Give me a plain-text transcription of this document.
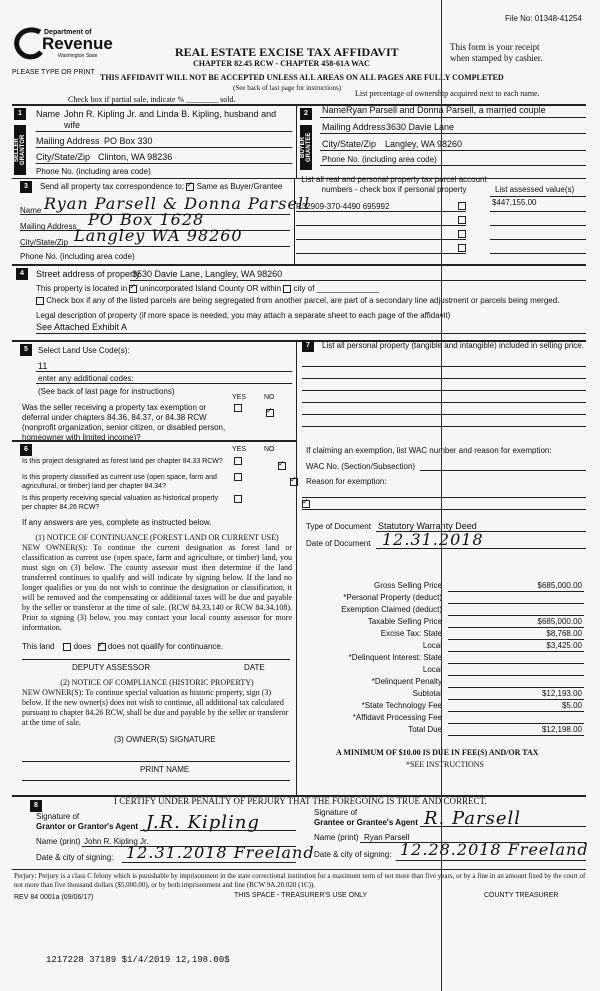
File No: 01348-41254
Department of
Revenue
Washington State
PLEASE TYPE OR PRINT
REAL ESTATE EXCISE TAX AFFIDAVIT
CHAPTER 82.45 RCW - CHAPTER 458-61A WAC
This form is your receipt when stamped by cashier.
THIS AFFIDAVIT WILL NOT BE ACCEPTED UNLESS ALL AREAS ON ALL PAGES ARE FULLY COMPLETED
(See back of last page for instructions)
Check box if partial sale, indicate % ________ sold.
List percentage of ownership acquired next to each name.
1
SELLER GRANTOR
Name John R. Kipling Jr. and Linda B. Kipling, husband and
wife
Mailing Address PO Box 330
City/State/Zip Clinton, WA 98236
Phone No. (including area code)
2
BUYER GRANTEE
Name Ryan Parsell and Donna Parsell, a married couple
Mailing Address 3630 Davie Lane
City/State/Zip Langley, WA 98260
Phone No. (including area code)
3	Send all property tax correspondence to: ✓ Same as Buyer/Grantee
List all real and personal property tax parcel account numbers - check box if personal property	List assessed value(s)
Name Ryan Parsell & Donna Parsell
Mailing Address PO Box 1628
City/State/Zip Langley WA 98260
Phone No. (including area code)
R32909-370-4490 695992	$447,155.00
4	Street address of property
3530 Davie Lane, Langley, WA 98260
This property is located in ✓ unincorporated Island County OR within city of ______________
Check box if any of the listed parcels are being segregated from another parcel, are part of a secondary line adjustment or parcels being merged.
Legal description of property (if more space is needed, you may attach a separate sheet to each page of the affidavit)
See Attached Exhibit A
5	Select Land Use Code(s):
11
enter any additional codes:
(See back of last page for instructions)
YES	NO
Was the seller receiving a property tax exemption or deferral under chapters 84.36, 84.37, or 84.38 RCW (nonprofit organization, senior citizen, or disabled person, homeowner with limited income)?
✓
7	List all personal property (tangible and intangible) included in selling price.
6	YES	NO
Is this project designated as forest land per chapter 84.33 RCW?
✓
Is this property classified as current use (open space, farm and agricultural, or timber) land per chapter 84.34?
✓
Is this property receiving special valuation as historical property per chapter 84.26 RCW?
✓
If any answers are yes, complete as instructed below.
(1) NOTICE OF CONTINUANCE (FOREST LAND OR CURRENT USE)
NEW OWNER(S): To continue the current designation as forest land or classification as current use (open space, farm and agriculture, or timber) land, you must sign on (3) below. The county assessor must then determine if the land transferred continues to qualify and will indicate by signing below. If the land no longer qualifies or you do not wish to continue the designation or classification, it will be removed and the compensating or additional taxes will be due and payable by the seller or transferor at the time of sale. (RCW 84.33.140 or RCW 84.34.108). Prior to signing (3) below, you may contact your local county assessor for more information.
This land does ✓ does not qualify for continuance.
DEPUTY ASSESSOR	DATE
(2) NOTICE OF COMPLIANCE (HISTORIC PROPERTY)
NEW OWNER(S): To continue special valuation as historic property, sign (3) below. If the new owner(s) does not wish to continue, all additional tax calculated pursuant to chapter 84.26 RCW, shall be due and payable by the seller or transferor at the time of sale.
(3) OWNER(S) SIGNATURE
PRINT NAME
If claiming an exemption, list WAC number and reason for exemption:
WAC No. (Section/Subsection)
Reason for exemption:
Type of Document Statutory Warranty Deed
Date of Document 12.31.2018
Gross Selling Price	$685,000.00
*Personal Property (deduct)
Exemption Claimed (deduct)
Taxable Selling Price	$685,000.00
Excise Tax: State	$8,768.00
Local	$3,425.00
*Delinquent Interest: State
Local
*Delinquent Penalty
Subtotal	$12,193.00
*State Technology Fee	$5.00
*Affidavit Processing Fee
Total Due	$12,198.00
A MINIMUM OF $10.00 IS DUE IN FEE(S) AND/OR TAX
*SEE INSTRUCTIONS
8	I CERTIFY UNDER PENALTY OF PERJURY THAT THE FOREGOING IS TRUE AND CORRECT.
Signature of
Grantor or Grantor's Agent J.R. Kipling
Name (print) John R. Kipling Jr.
Date & city of signing: 12.31.2018 Freeland
Signature of
Grantee or Grantee's Agent R. Parsell
Name (print) Ryan Parsell
Date & city of signing: 12.28.2018 Freeland
Perjury: Perjury is a class C felony which is punishable by imprisonment in the state correctional institution for a maximum term of not more than five years, or by a fine in an amount fixed by the court of not more than five thousand dollars ($5,000.00), or by both imprisonment and fine (RCW 9A.20.020 (1C)).
REV 84 0001a (09/06/17)	THIS SPACE - TREASURER'S USE ONLY	COUNTY TREASURER
1217228 37189 $1/4/2019 12,198.00$
